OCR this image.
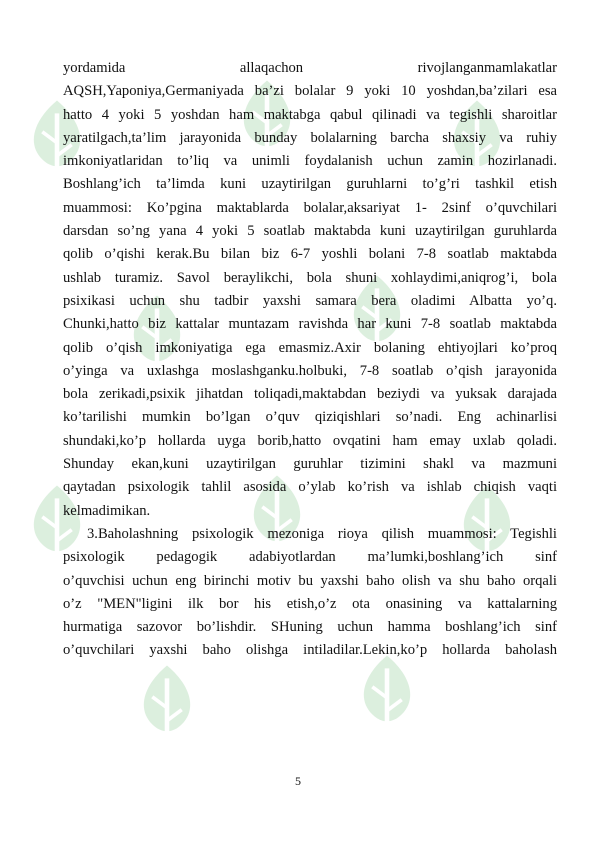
yordamida allaqachon rivojlanganmamlakatlar
AQSH,Yaponiya,Germaniyada ba’zi bolalar 9 yoki 10 yoshdan,ba’zilari esa
hatto 4 yoki 5 yoshdan ham maktabga qabul qilinadi va tegishli sharoitlar
yaratilgach,ta’lim jarayonida bunday bolalarning barcha shaxsiy va ruhiy
imkoniyatlaridan to’liq va unimli foydalanish uchun zamin hozirlanadi.
Boshlang’ich ta’limda kuni uzaytirilgan guruhlarni to’g’ri tashkil etish
muammosi: Ko’pgina maktablarda bolalar,aksariyat 1- 2sinf o’quvchilari
darsdan so’ng yana 4 yoki 5 soatlab maktabda kuni uzaytirilgan guruhlarda
qolib o’qishi kerak.Bu bilan biz 6-7 yoshli bolani 7-8 soatlab maktabda
ushlab turamiz. Savol beraylikchi, bola shuni xohlaydimi,aniqrog’i, bola
psixikasi uchun shu tadbir yaxshi samara bera oladimi Albatta yo’q.
Chunki,hatto biz kattalar muntazam ravishda har kuni 7-8 soatlab maktabda
qolib o’qish imkoniyatiga ega emasmiz.Axir bolaning ehtiyojlari ko’proq
o’yinga va uxlashga moslashganku.holbuki, 7-8 soatlab o’qish jarayonida
bola zerikadi,psixik jihatdan toliqadi,maktabdan beziydi va yuksak darajada
ko’tarilishi mumkin bo’lgan o’quv qiziqishlari so’nadi. Eng achinarlisi
shundaki,ko’p hollarda uyga borib,hatto ovqatini ham emay uxlab qoladi.
Shunday ekan,kuni uzaytirilgan guruhlar tizimini shakl va mazmuni
qaytadan psixologik tahlil asosida o’ylab ko’rish va ishlab chiqish vaqti
kelmadimikan.
3.Baholashning psixologik mezoniga rioya qilish muammosi: Tegishli
psixologik pedagogik adabiyotlardan ma’lumki,boshlang’ich sinf
o’quvchisi uchun eng birinchi motiv bu yaxshi baho olish va shu baho orqali
o’z "MEN"ligini ilk bor his etish,o’z ota onasining va kattalarning
hurmatiga sazovor bo’lishdir. SHuning uchun hamma boshlang’ich sinf
o’quvchilari yaxshi baho olishga intiladilar.Lekin,ko’p hollarda baholash
5
